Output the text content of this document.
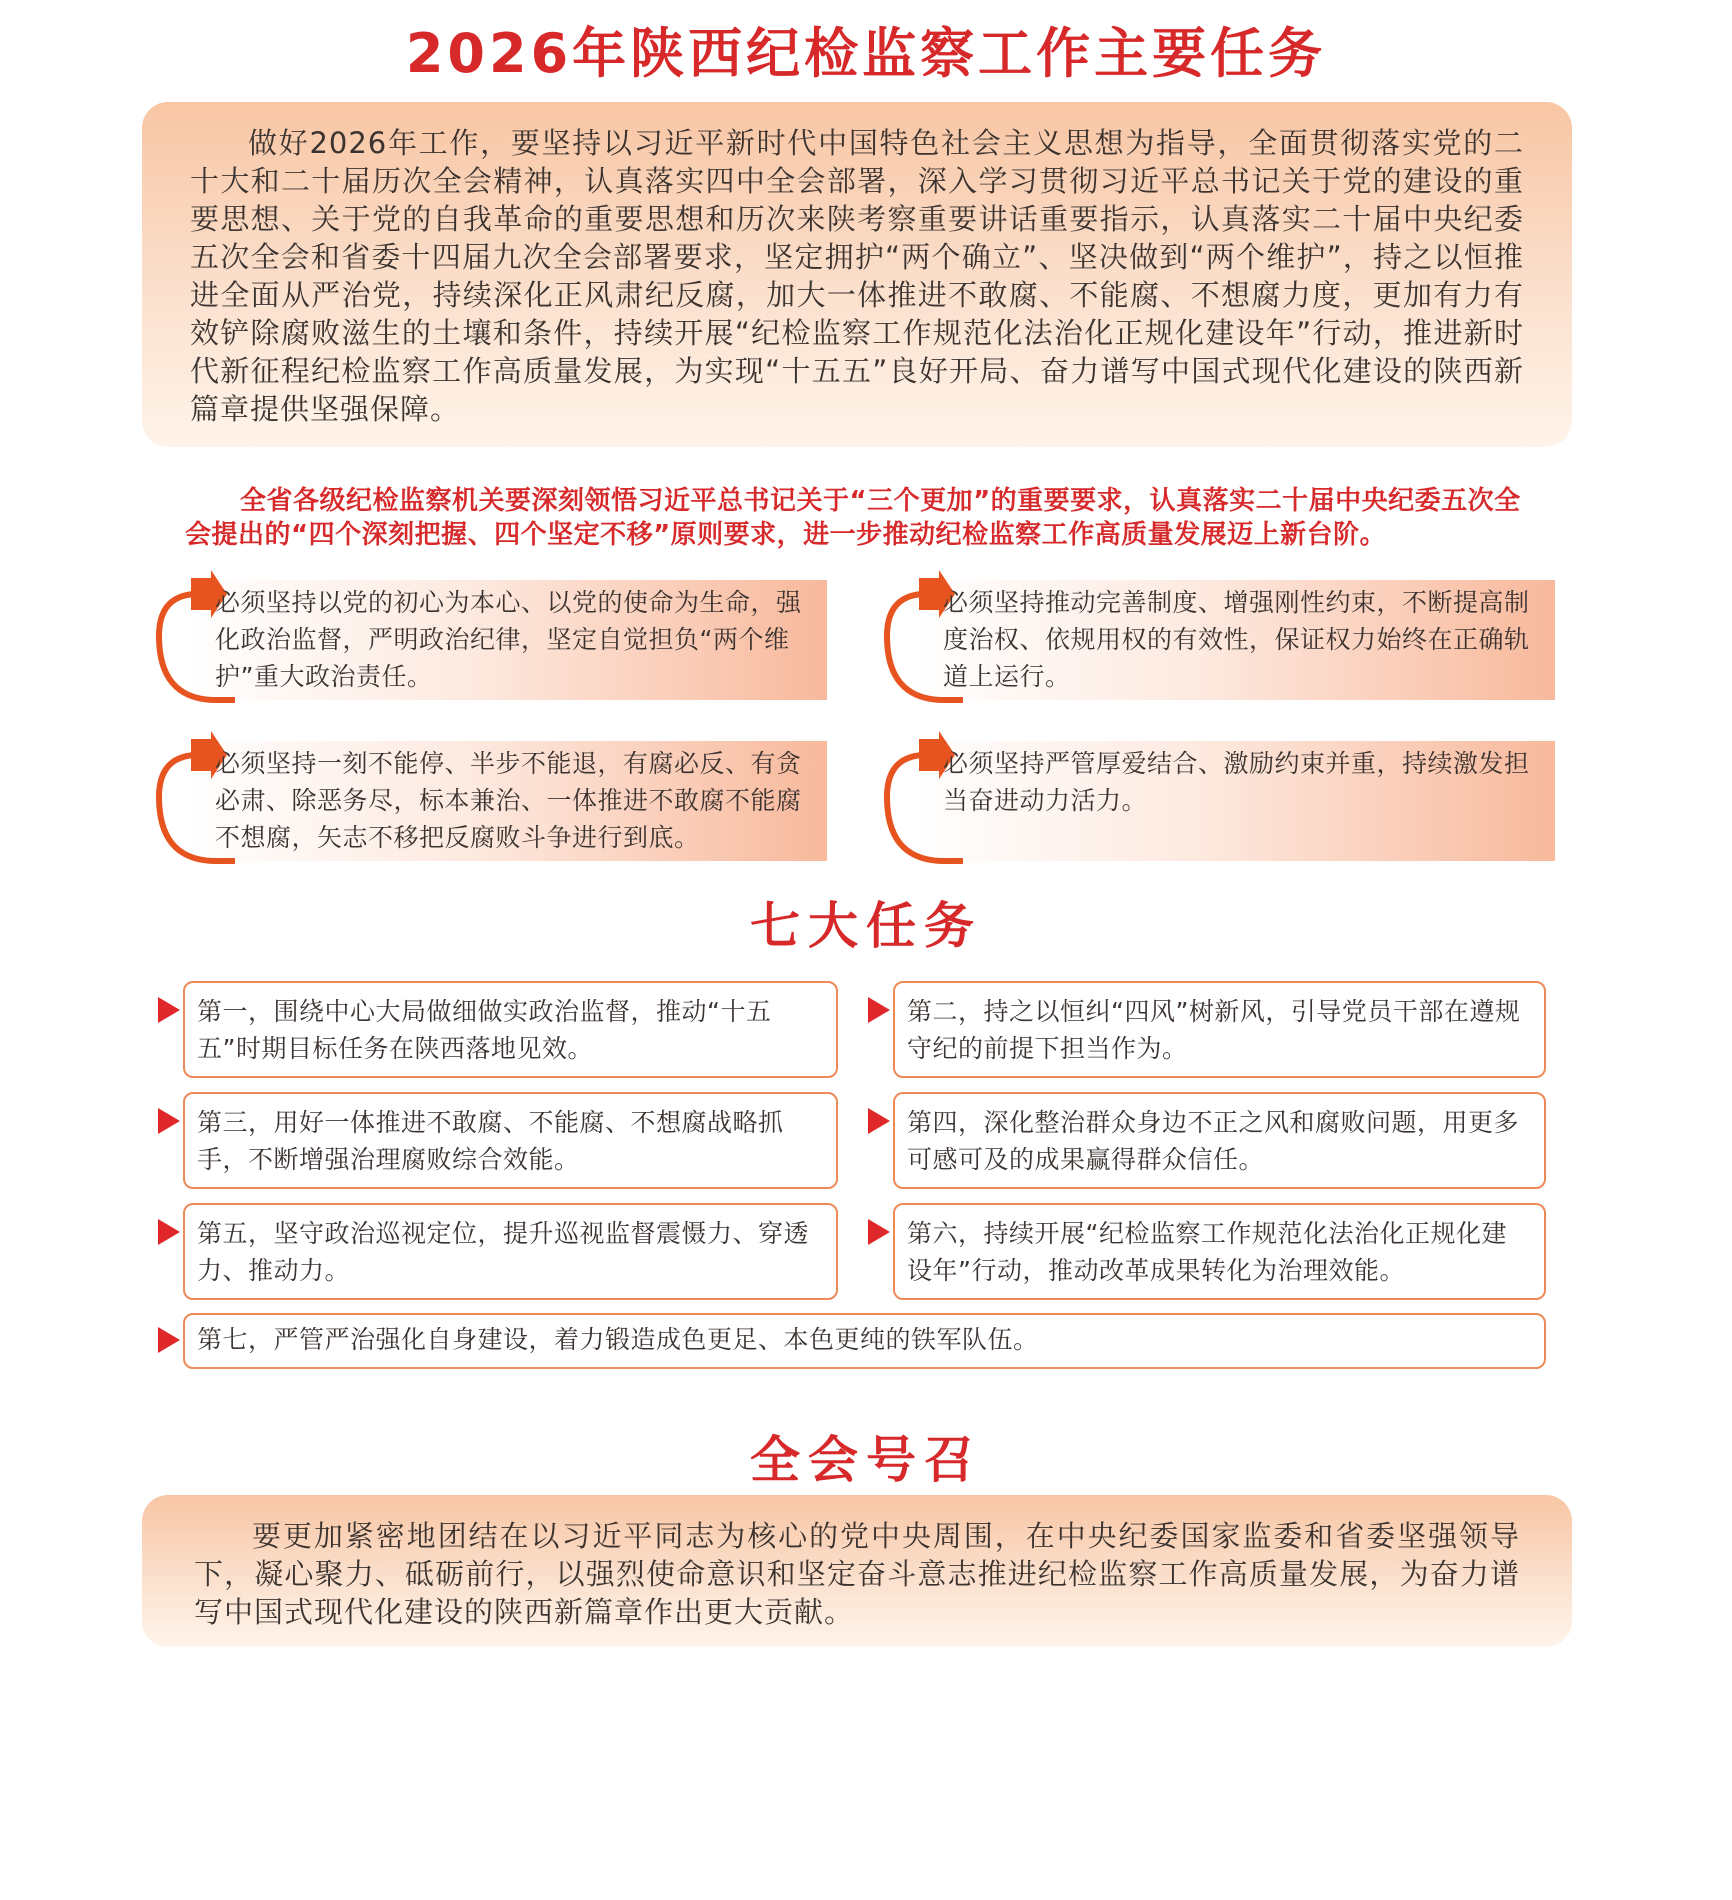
2026年陕西纪检监察工作主要任务

做好2026年工作，要坚持以习近平新时代中国特色社会主义思想为指导，全面贯彻落实党的二十大和二十届历次全会精神，认真落实四中全会部署，深入学习贯彻习近平总书记关于党的建设的重要思想、关于党的自我革命的重要思想和历次来陕考察重要讲话重要指示，认真落实二十届中央纪委五次全会和省委十四届九次全会部署要求，坚定拥护“两个确立”、坚决做到“两个维护”，持之以恒推进全面从严治党，持续深化正风肃纪反腐，加大一体推进不敢腐、不能腐、不想腐力度，更加有力有效铲除腐败滋生的土壤和条件，持续开展“纪检监察工作规范化法治化正规化建设年”行动，推进新时代新征程纪检监察工作高质量发展，为实现“十五五”良好开局、奋力谱写中国式现代化建设的陕西新篇章提供坚强保障。

全省各级纪检监察机关要深刻领悟习近平总书记关于“三个更加”的重要要求，认真落实二十届中央纪委五次全会提出的“四个深刻把握、四个坚定不移”原则要求，进一步推动纪检监察工作高质量发展迈上新台阶。

必须坚持以党的初心为本心、以党的使命为生命，强化政治监督，严明政治纪律，坚定自觉担负“两个维护”重大政治责任。

必须坚持推动完善制度、增强刚性约束，不断提高制度治权、依规用权的有效性，保证权力始终在正确轨道上运行。

必须坚持一刻不能停、半步不能退，有腐必反、有贪必肃、除恶务尽，标本兼治、一体推进不敢腐不能腐不想腐，矢志不移把反腐败斗争进行到底。

必须坚持严管厚爱结合、激励约束并重，持续激发担当奋进动力活力。

七大任务

第一，围绕中心大局做细做实政治监督，推动“十五五”时期目标任务在陕西落地见效。

第二，持之以恒纠“四风”树新风，引导党员干部在遵规守纪的前提下担当作为。

第三，用好一体推进不敢腐、不能腐、不想腐战略抓手，不断增强治理腐败综合效能。

第四，深化整治群众身边不正之风和腐败问题，用更多可感可及的成果赢得群众信任。

第五，坚守政治巡视定位，提升巡视监督震慑力、穿透力、推动力。

第六，持续开展“纪检监察工作规范化法治化正规化建设年”行动，推动改革成果转化为治理效能。

第七，严管严治强化自身建设，着力锻造成色更足、本色更纯的铁军队伍。

全会号召

要更加紧密地团结在以习近平同志为核心的党中央周围，在中央纪委国家监委和省委坚强领导下，凝心聚力、砥砺前行，以强烈使命意识和坚定奋斗意志推进纪检监察工作高质量发展，为奋力谱写中国式现代化建设的陕西新篇章作出更大贡献。
